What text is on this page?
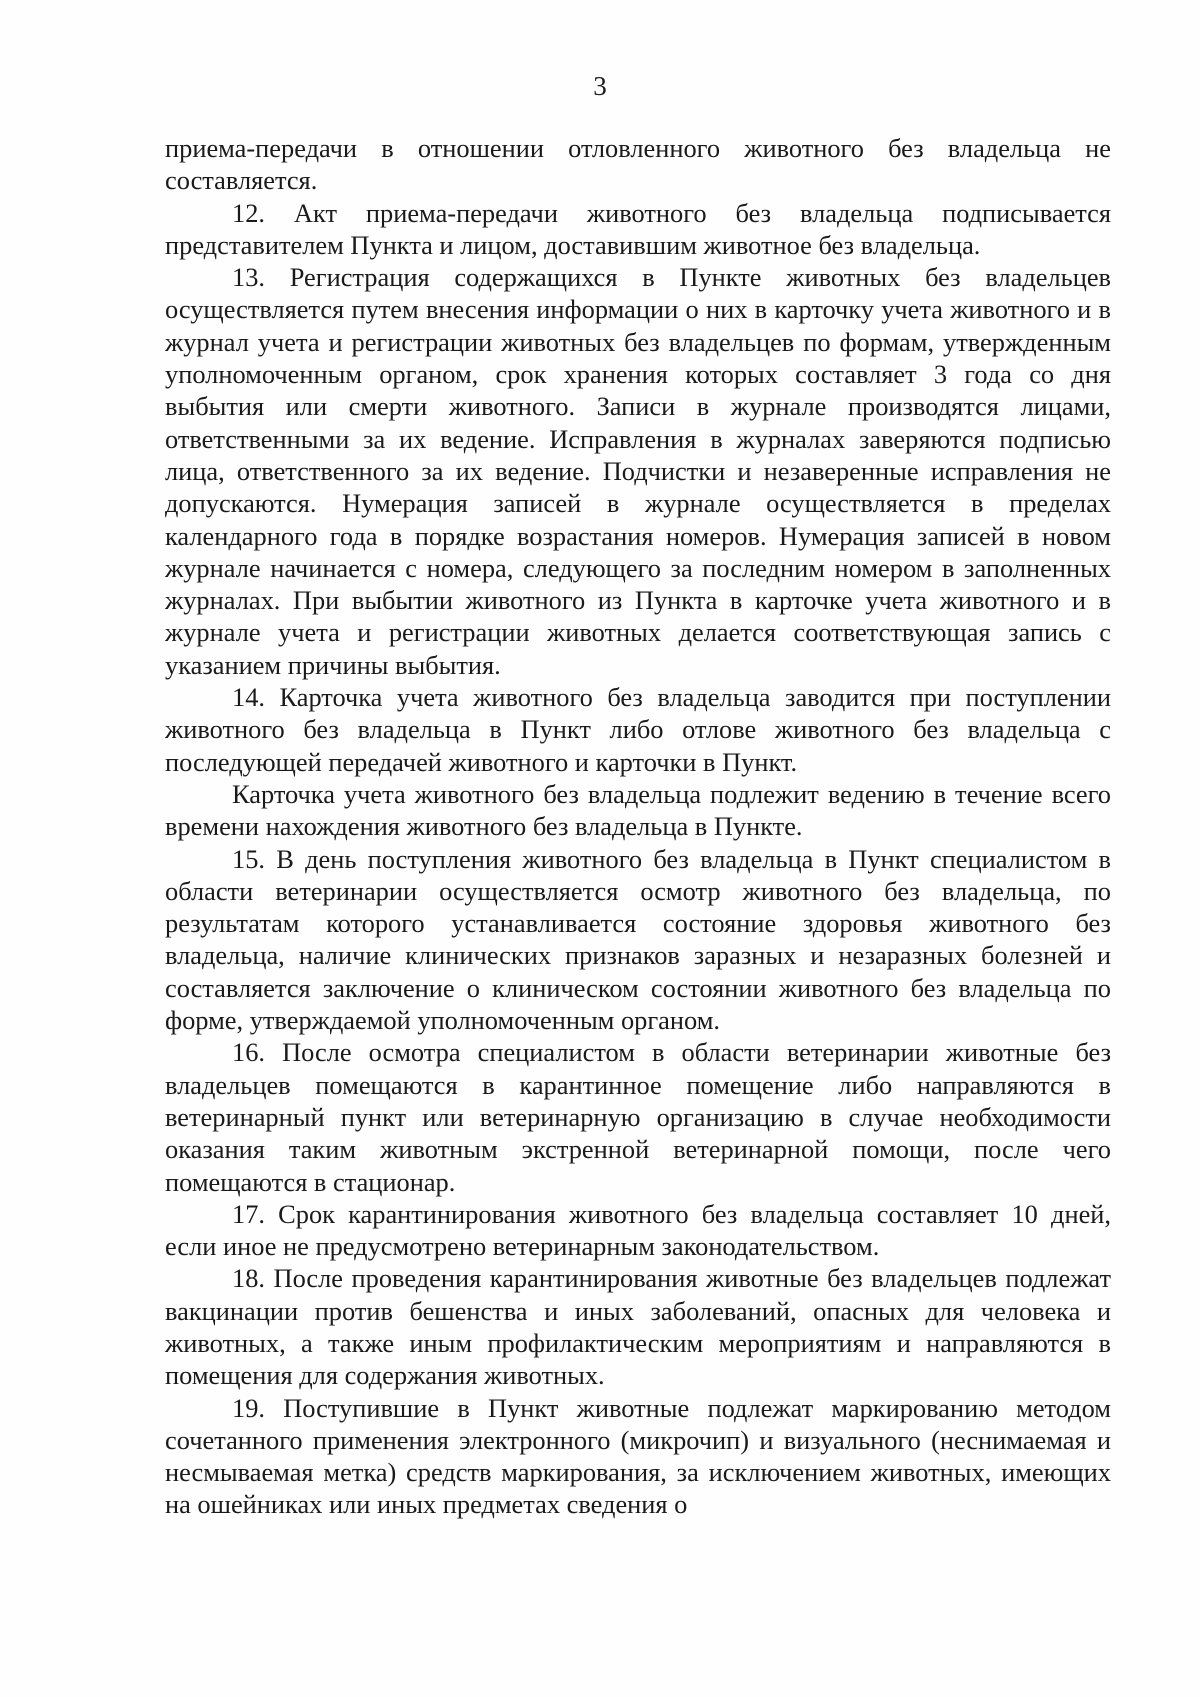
3

приема-передачи в отношении отловленного животного без владельца не составляется.

12. Акт приема-передачи животного без владельца подписывается представителем Пункта и лицом, доставившим животное без владельца.

13. Регистрация содержащихся в Пункте животных без владельцев осуществляется путем внесения информации о них в карточку учета животного и в журнал учета и регистрации животных без владельцев по формам, утвержденным уполномоченным органом, срок хранения которых составляет 3 года со дня выбытия или смерти животного. Записи в журнале производятся лицами, ответственными за их ведение. Исправления в журналах заверяются подписью лица, ответственного за их ведение. Подчистки и незаверенные исправления не допускаются. Нумерация записей в журнале осуществляется в пределах календарного года в порядке возрастания номеров. Нумерация записей в новом журнале начинается с номера, следующего за последним номером в заполненных журналах. При выбытии животного из Пункта в карточке учета животного и в журнале учета и регистрации животных делается соответствующая запись с указанием причины выбытия.

14. Карточка учета животного без владельца заводится при поступлении животного без владельца в Пункт либо отлове животного без владельца с последующей передачей животного и карточки в Пункт.

Карточка учета животного без владельца подлежит ведению в течение всего времени нахождения животного без владельца в Пункте.

15. В день поступления животного без владельца в Пункт специалистом в области ветеринарии осуществляется осмотр животного без владельца, по результатам которого устанавливается состояние здоровья животного без владельца, наличие клинических признаков заразных и незаразных болезней и составляется заключение о клиническом состоянии животного без владельца по форме, утверждаемой уполномоченным органом.

16. После осмотра специалистом в области ветеринарии животные без владельцев помещаются в карантинное помещение либо направляются в ветеринарный пункт или ветеринарную организацию в случае необходимости оказания таким животным экстренной ветеринарной помощи, после чего помещаются в стационар.

17. Срок карантинирования животного без владельца составляет 10 дней, если иное не предусмотрено ветеринарным законодательством.

18. После проведения карантинирования животные без владельцев подлежат вакцинации против бешенства и иных заболеваний, опасных для человека и животных, а также иным профилактическим мероприятиям и направляются в помещения для содержания животных.

19. Поступившие в Пункт животные подлежат маркированию методом сочетанного применения электронного (микрочип) и визуального (неснимаемая и несмываемая метка) средств маркирования, за исключением животных, имеющих на ошейниках или иных предметах сведения о
